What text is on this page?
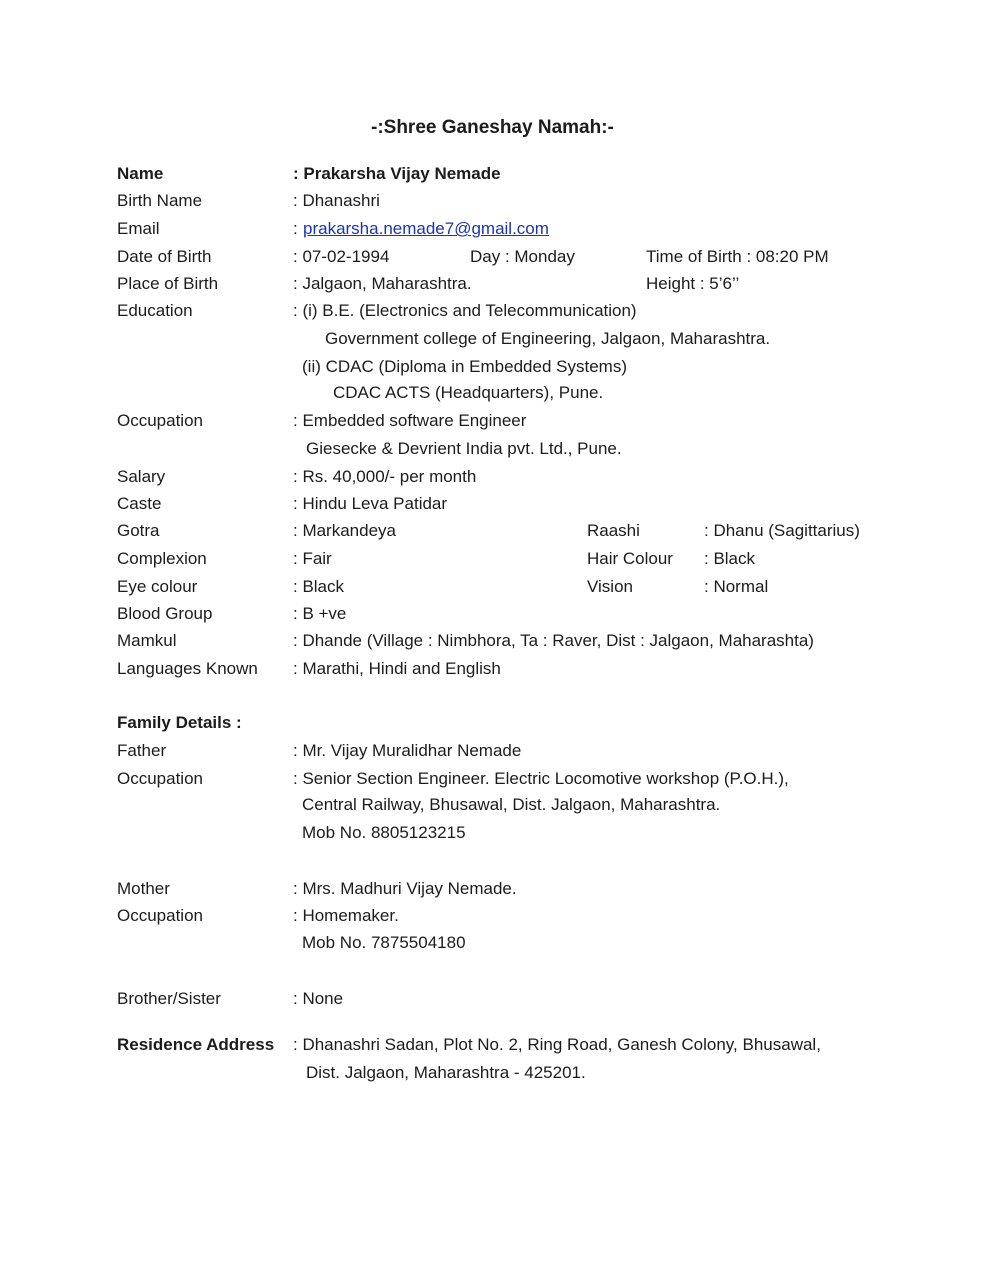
-:Shree Ganeshay Namah:-
Name	: Prakarsha Vijay Nemade
Birth Name	: Dhanashri
Email	: prakarsha.nemade7@gmail.com
Date of Birth	: 07-02-1994	Day : Monday	Time of Birth : 08:20 PM
Place of Birth	: Jalgaon, Maharashtra.	Height : 5’6’’
Education	: (i) B.E. (Electronics and Telecommunication)
Government college of Engineering, Jalgaon, Maharashtra.
(ii) CDAC (Diploma in Embedded Systems)
CDAC ACTS (Headquarters), Pune.
Occupation	: Embedded software Engineer
Giesecke & Devrient India pvt. Ltd., Pune.
Salary	: Rs. 40,000/- per month
Caste	: Hindu Leva Patidar
Gotra	: Markandeya	Raashi	: Dhanu (Sagittarius)
Complexion	: Fair	Hair Colour : Black
Eye colour	: Black	Vision	: Normal
Blood Group	: B +ve
Mamkul	: Dhande (Village : Nimbhora, Ta : Raver, Dist : Jalgaon, Maharashta)
Languages Known : Marathi, Hindi and English
Family Details :
Father	: Mr. Vijay Muralidhar Nemade
Occupation	: Senior Section Engineer. Electric Locomotive workshop (P.O.H.),
Central Railway, Bhusawal, Dist. Jalgaon, Maharashtra.
Mob No. 8805123215
Mother	: Mrs. Madhuri Vijay Nemade.
Occupation	: Homemaker.
Mob No. 7875504180
Brother/Sister	: None
Residence Address : Dhanashri Sadan, Plot No. 2, Ring Road, Ganesh Colony, Bhusawal,
Dist. Jalgaon, Maharashtra - 425201.
